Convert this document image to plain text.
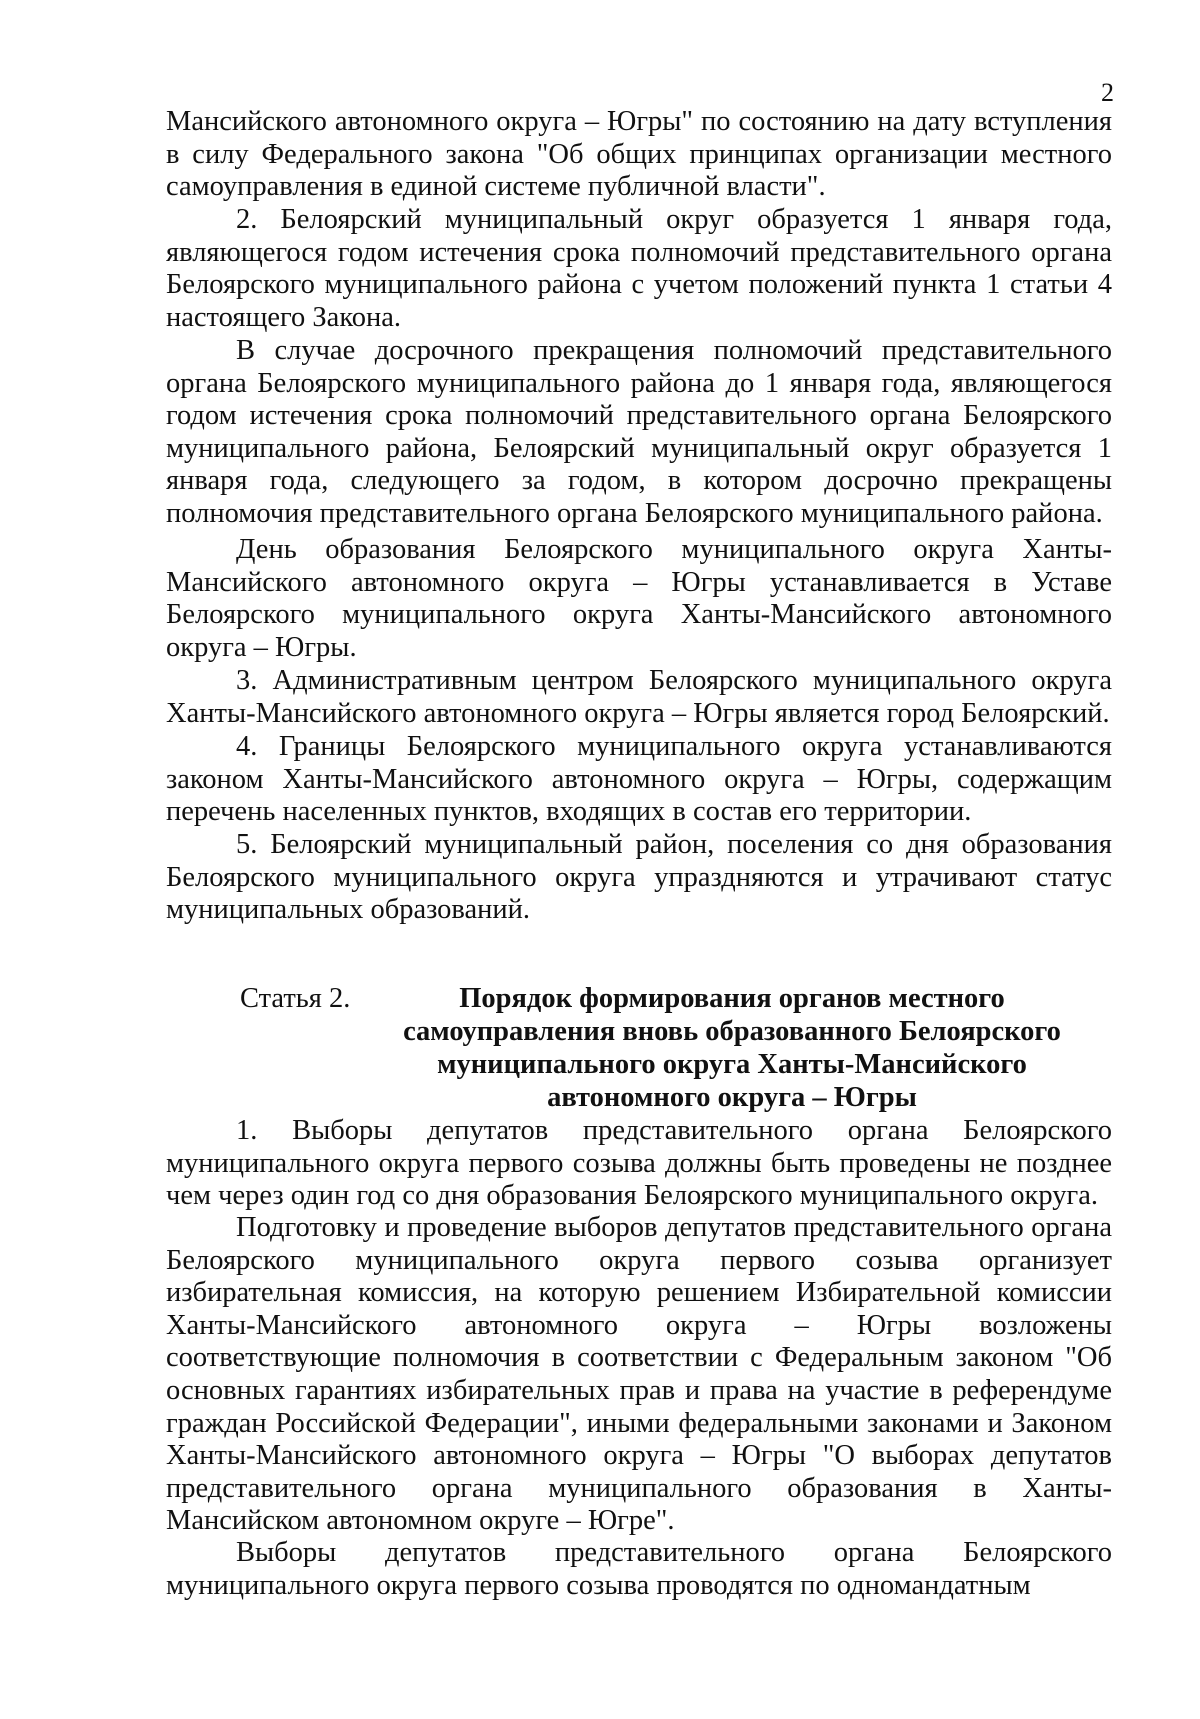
2

Мансийского автономного округа – Югры" по состоянию на дату вступления в силу Федерального закона "Об общих принципах организации местного самоуправления в единой системе публичной власти".

2. Белоярский муниципальный округ образуется 1 января года, являющегося годом истечения срока полномочий представительного органа Белоярского муниципального района с учетом положений пункта 1 статьи 4 настоящего Закона.

В случае досрочного прекращения полномочий представительного органа Белоярского муниципального района до 1 января года, являющегося годом истечения срока полномочий представительного органа Белоярского муниципального района, Белоярский муниципальный округ образуется 1 января года, следующего за годом, в котором досрочно прекращены полномочия представительного органа Белоярского муниципального района.

День образования Белоярского муниципального округа Ханты-Мансийского автономного округа – Югры устанавливается в Уставе Белоярского муниципального округа Ханты-Мансийского автономного округа – Югры.

3. Административным центром Белоярского муниципального округа Ханты-Мансийского автономного округа – Югры является город Белоярский.

4. Границы Белоярского муниципального округа устанавливаются законом Ханты-Мансийского автономного округа – Югры, содержащим перечень населенных пунктов, входящих в состав его территории.

5. Белоярский муниципальный район, поселения со дня образования Белоярского муниципального округа упраздняются и утрачивают статус муниципальных образований.

Статья 2.	Порядок формирования органов местного самоуправления вновь образованного Белоярского муниципального округа Ханты-Мансийского автономного округа – Югры

1. Выборы депутатов представительного органа Белоярского муниципального округа первого созыва должны быть проведены не позднее чем через один год со дня образования Белоярского муниципального округа.

Подготовку и проведение выборов депутатов представительного органа Белоярского муниципального округа первого созыва организует избирательная комиссия, на которую решением Избирательной комиссии Ханты-Мансийского автономного округа – Югры возложены соответствующие полномочия в соответствии с Федеральным законом "Об основных гарантиях избирательных прав и права на участие в референдуме граждан Российской Федерации", иными федеральными законами и Законом Ханты-Мансийского автономного округа – Югры "О выборах депутатов представительного органа муниципального образования в Ханты-Мансийском автономном округе – Югре".

Выборы депутатов представительного органа Белоярского муниципального округа первого созыва проводятся по одномандатным
